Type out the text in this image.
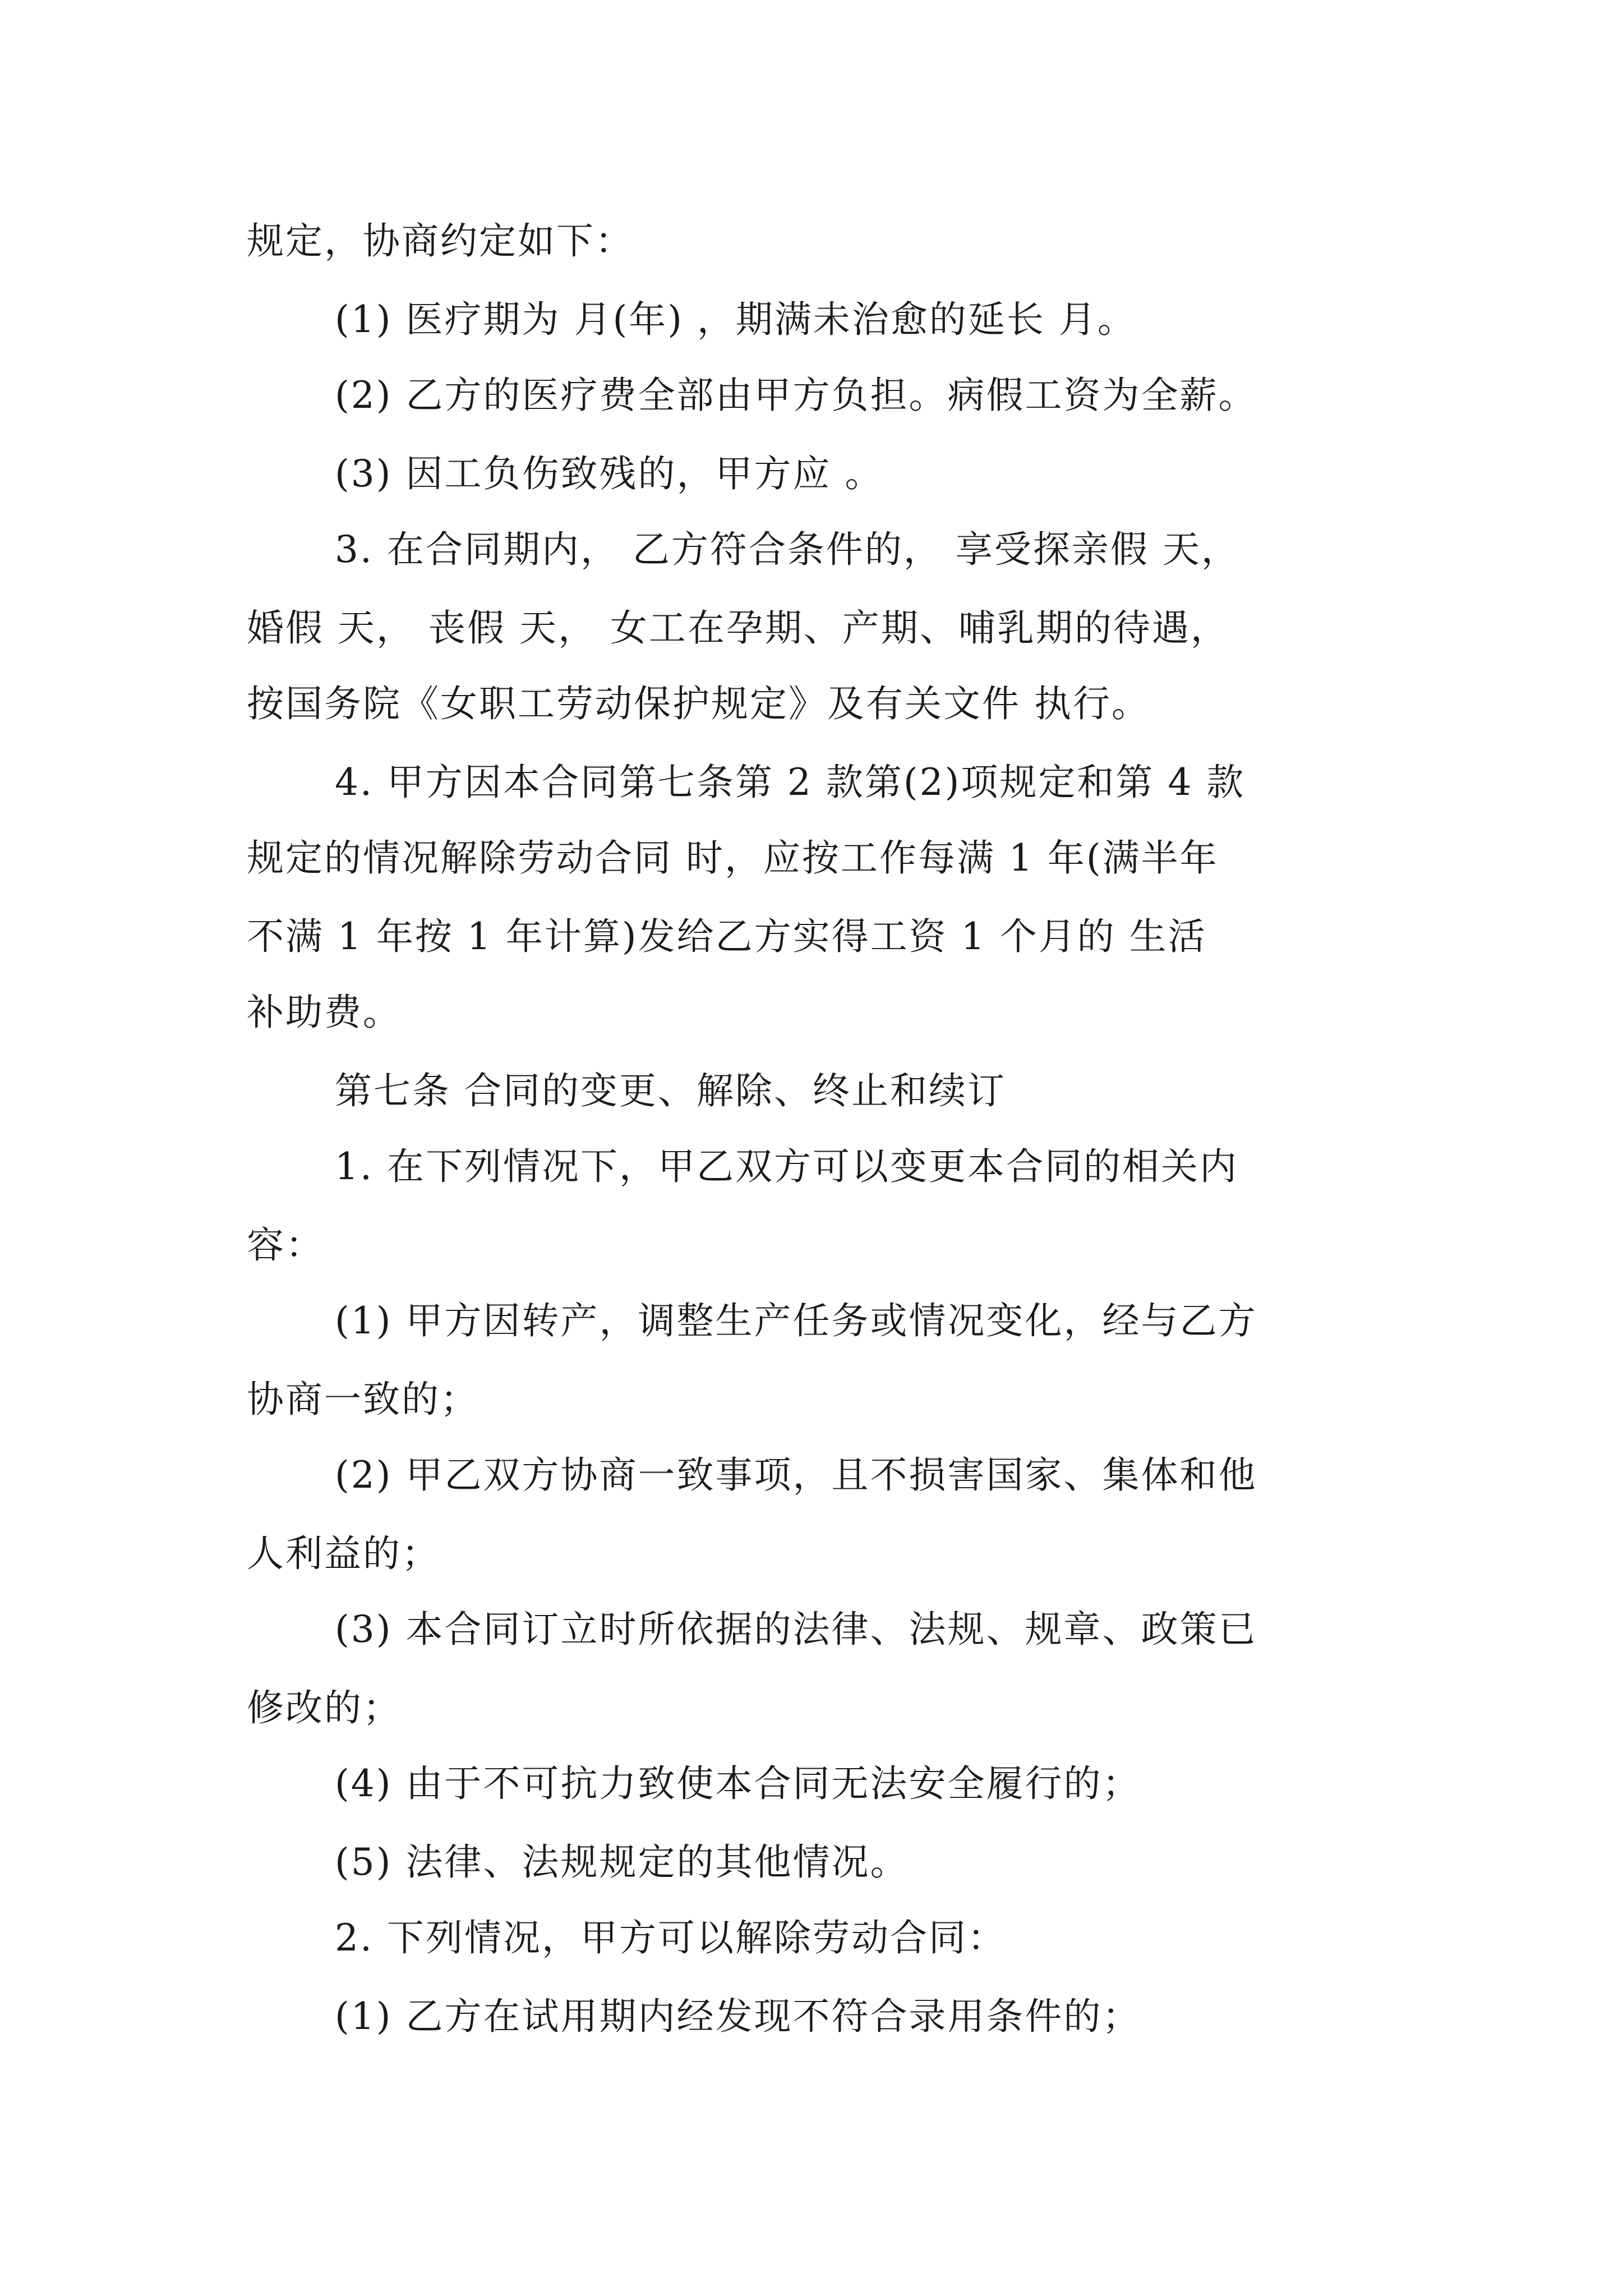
规定，协商约定如下：
(1) 医疗期为 月(年) ，期满未治愈的延长 月。
(2) 乙方的医疗费全部由甲方负担。病假工资为全薪。
(3) 因工负伤致残的，甲方应 。
3. 在合同期内， 乙方符合条件的， 享受探亲假 天，
婚假 天， 丧假 天， 女工在孕期、产期、哺乳期的待遇，
按国务院《女职工劳动保护规定》及有关文件 执行。
4. 甲方因本合同第七条第 2 款第(2)项规定和第 4 款
规定的情况解除劳动合同 时，应按工作每满 1 年(满半年
不满 1 年按 1 年计算)发给乙方实得工资 1 个月的 生活
补助费。
第七条 合同的变更、解除、终止和续订
1. 在下列情况下，甲乙双方可以变更本合同的相关内
容：
(1) 甲方因转产，调整生产任务或情况变化，经与乙方
协商一致的；
(2) 甲乙双方协商一致事项，且不损害国家、集体和他
人利益的；
(3) 本合同订立时所依据的法律、法规、规章、政策已
修改的；
(4) 由于不可抗力致使本合同无法安全履行的；
(5) 法律、法规规定的其他情况。
2. 下列情况，甲方可以解除劳动合同：
(1) 乙方在试用期内经发现不符合录用条件的；
